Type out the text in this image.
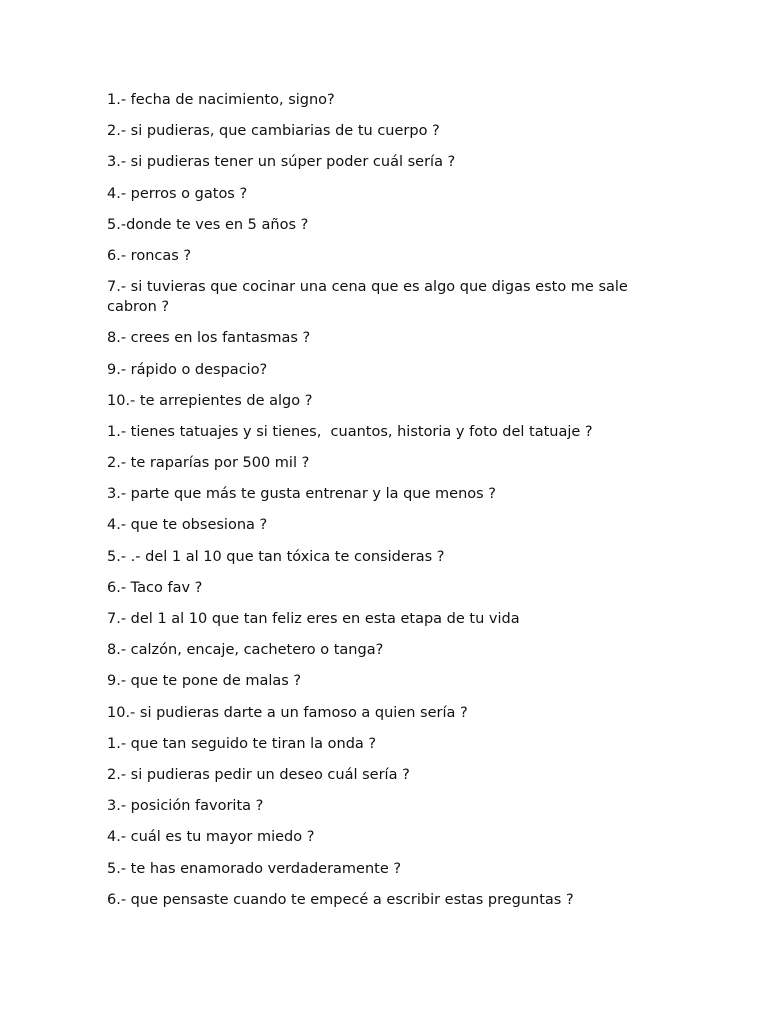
1.- fecha de nacimiento, signo?
2.- si pudieras, que cambiarias de tu cuerpo ?
3.- si pudieras tener un súper poder cuál sería ?
4.- perros o gatos ?
5.-donde te ves en 5 años ?
6.- roncas ?
7.- si tuvieras que cocinar una cena que es algo que digas esto me sale cabron ?
8.- crees en los fantasmas ?
9.- rápido o despacio?
10.- te arrepientes de algo ?
1.- tienes tatuajes y si tienes,  cuantos, historia y foto del tatuaje ?
2.- te raparías por 500 mil ?
3.- parte que más te gusta entrenar y la que menos ?
4.- que te obsesiona ?
5.- .- del 1 al 10 que tan tóxica te consideras ?
6.- Taco fav ?
7.- del 1 al 10 que tan feliz eres en esta etapa de tu vida
8.- calzón, encaje, cachetero o tanga?
9.- que te pone de malas ?
10.- si pudieras darte a un famoso a quien sería ?
1.- que tan seguido te tiran la onda ?
2.- si pudieras pedir un deseo cuál sería ?
3.- posición favorita ?
4.- cuál es tu mayor miedo ?
5.- te has enamorado verdaderamente ?
6.- que pensaste cuando te empecé a escribir estas preguntas ?
